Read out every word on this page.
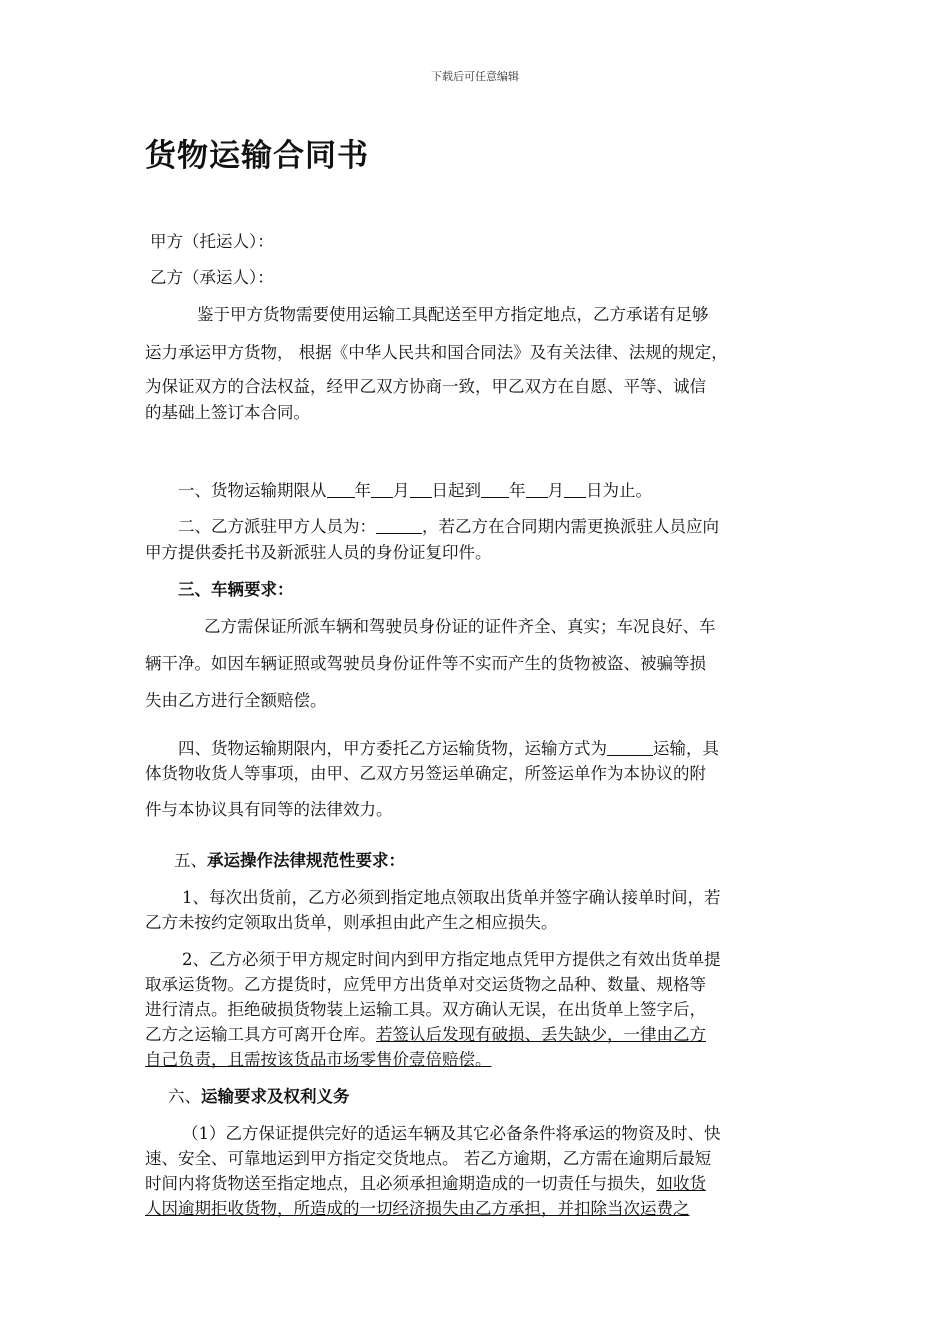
下载后可任意编辑
货物运输合同书
甲方（托运人）：
乙方（承运人）：
鉴于甲方货物需要使用运输工具配送至甲方指定地点，乙方承诺有足够
运力承运甲方货物， 根据《中华人民共和国合同法》及有关法律、法规的规定，
为保证双方的合法权益，经甲乙双方协商一致，甲乙双方在自愿、平等、诚信
的基础上签订本合同。
一、货物运输期限从 年 月 日起到 年 月 日为止。
二、乙方派驻甲方人员为：	，若乙方在合同期内需更换派驻人员应向
甲方提供委托书及新派驻人员的身份证复印件。
三、车辆要求：
乙方需保证所派车辆和驾驶员身份证的证件齐全、真实；车况良好、车
辆干净。如因车辆证照或驾驶员身份证件等不实而产生的货物被盗、被骗等损
失由乙方进行全额赔偿。
四、货物运输期限内，甲方委托乙方运输货物，运输方式为	运输，具
体货物收货人等事项，由甲、乙双方另签运单确定，所签运单作为本协议的附
件与本协议具有同等的法律效力。
五、承运操作法律规范性要求：
1、每次出货前，乙方必须到指定地点领取出货单并签字确认接单时间，若
乙方未按约定领取出货单，则承担由此产生之相应损失。
2、乙方必须于甲方规定时间内到甲方指定地点凭甲方提供之有效出货单提
取承运货物。乙方提货时，应凭甲方出货单对交运货物之品种、数量、规格等
进行清点。拒绝破损货物装上运输工具。双方确认无误，在出货单上签字后，
乙方之运输工具方可离开仓库。若签认后发现有破损、丢失缺少，一律由乙方
自己负责，且需按该货品市场零售价壹倍赔偿。
六、运输要求及权利义务
（1）乙方保证提供完好的适运车辆及其它必备条件将承运的物资及时、快
速、安全、可靠地运到甲方指定交货地点。 若乙方逾期，乙方需在逾期后最短
时间内将货物送至指定地点，且必须承担逾期造成的一切责任与损失，如收货
人因逾期拒收货物，所造成的一切经济损失由乙方承担，并扣除当次运费之
